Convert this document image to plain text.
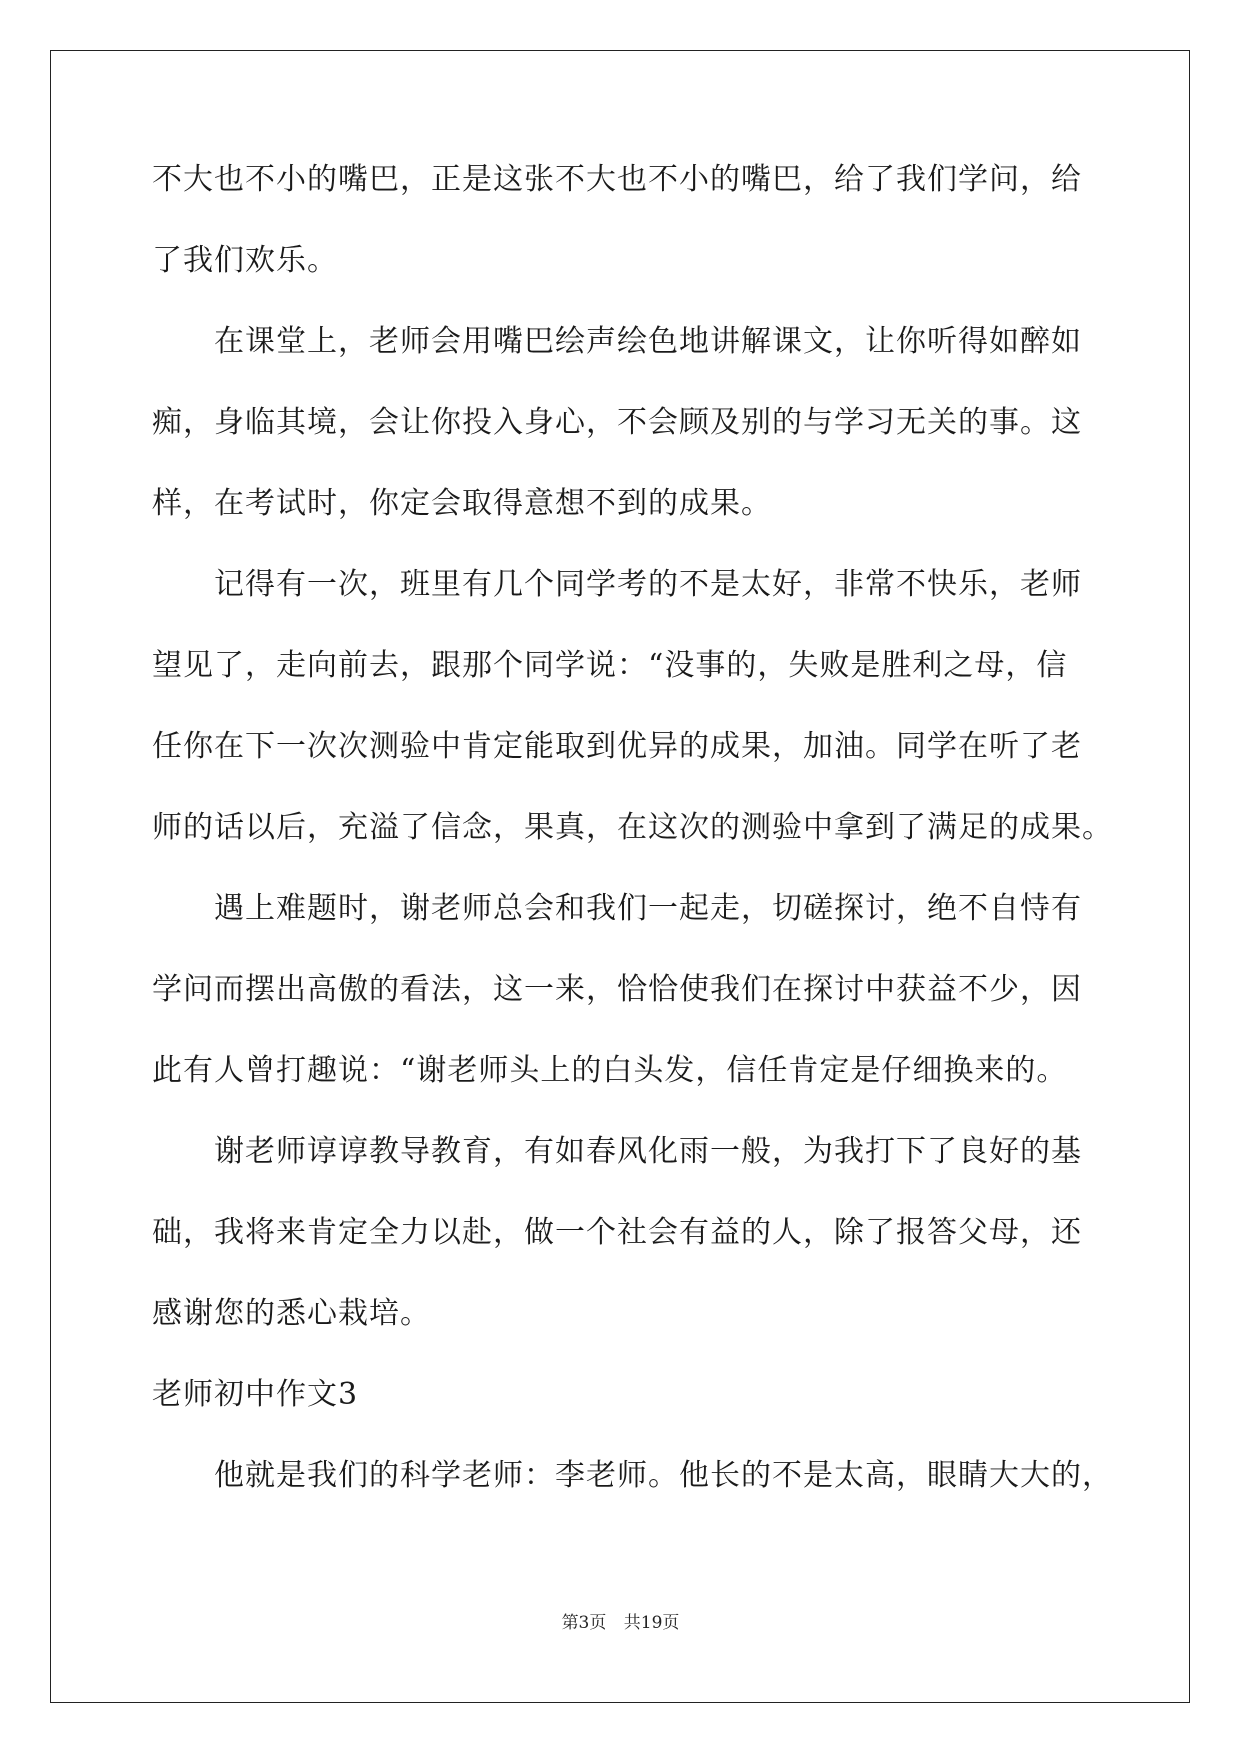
不大也不小的嘴巴，正是这张不大也不小的嘴巴，给了我们学问，给
了我们欢乐。
在课堂上，老师会用嘴巴绘声绘色地讲解课文，让你听得如醉如
痴，身临其境，会让你投入身心，不会顾及别的与学习无关的事。这
样，在考试时，你定会取得意想不到的成果。
记得有一次，班里有几个同学考的不是太好，非常不快乐，老师
望见了，走向前去，跟那个同学说：“没事的，失败是胜利之母，信
任你在下一次次测验中肯定能取到优异的成果，加油。同学在听了老
师的话以后，充溢了信念，果真，在这次的测验中拿到了满足的成果。
遇上难题时，谢老师总会和我们一起走，切磋探讨，绝不自恃有
学问而摆出高傲的看法，这一来，恰恰使我们在探讨中获益不少，因
此有人曾打趣说：“谢老师头上的白头发，信任肯定是仔细换来的。
谢老师谆谆教导教育，有如春风化雨一般，为我打下了良好的基
础，我将来肯定全力以赴，做一个社会有益的人，除了报答父母，还
感谢您的悉心栽培。
老师初中作文3
他就是我们的科学老师：李老师。他长的不是太高，眼睛大大的，
第3页 共19页
